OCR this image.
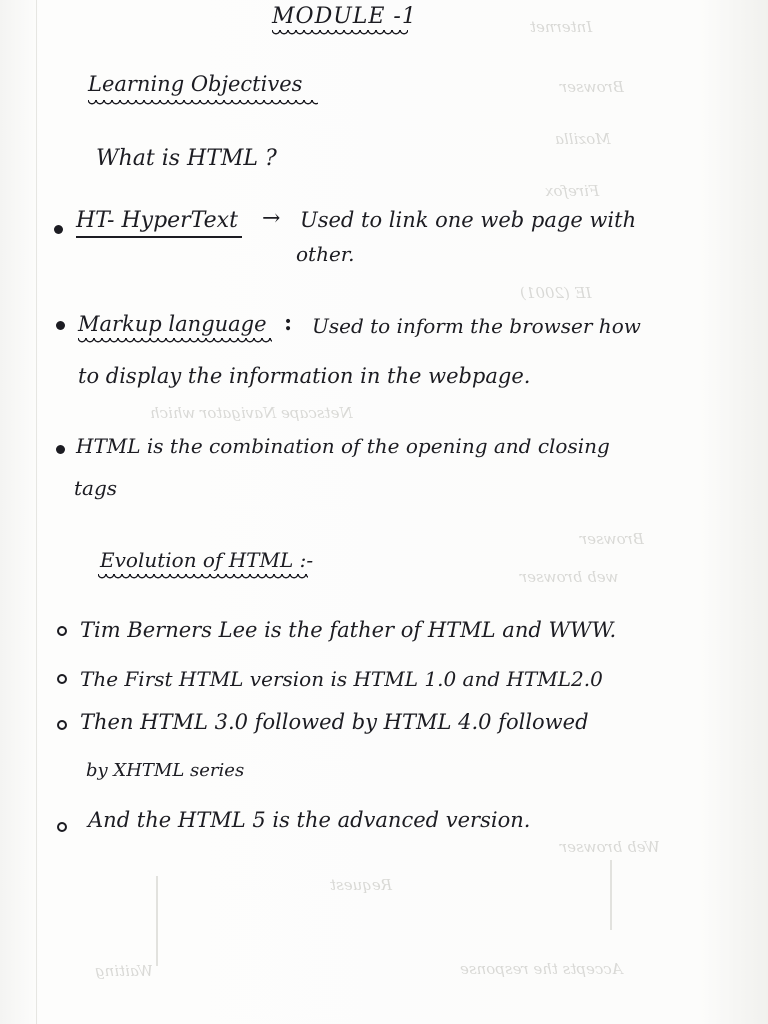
Internet
Browser
Mozilla
Firefox
IE (2001)
Netscape Navigator which
Browser
web browser
Web browser
Request
Accepts the response
Waiting
MODULE -1
Learning Objectives
What is HTML ?
HT- HyperText → Used to link one web page with
other.
Markup language : Used to inform the browser how
to display the information in the webpage.
HTML is the combination of the opening and closing
tags
Evolution of HTML :-
Tim Berners Lee is the father of HTML and WWW.
The First HTML version is HTML 1.0 and HTML2.0
Then HTML 3.0 followed by HTML 4.0 followed
by XHTML series
And the HTML 5 is the advanced version.
